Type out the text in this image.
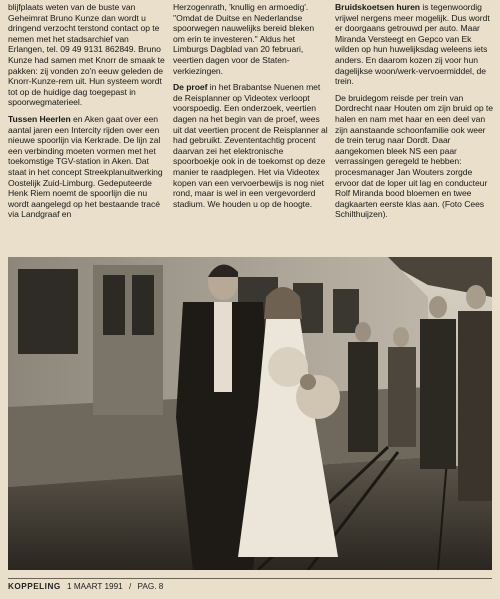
blijfplaats weten van de buste van Geheimrat Bruno Kunze dan wordt u dringend verzocht terstond contact op te nemen met het stadsarchief van Erlangen, tel. 09 49 9131 862849. Bruno Kunze had samen met Knorr de smaak te pakken: zij vonden zo'n eeuw geleden de Knorr-Kunze-rem uit. Hun systeem wordt tot op de huidige dag toegepast in spoorwegmaterieel.

Tussen Heerlen en Aken gaat over een aantal jaren een Intercity rijden over een nieuwe spoorlijn via Kerkrade. De lijn zal een verbinding moeten vormen met het toekomstige TGV-station in Aken. Dat staat in het concept Streekplanuitwerking Oostelijk Zuid-Limburg. Gedeputeerde Henk Riem noemt de spoorlijn die nu wordt aangelegd op het bestaande tracé via Landgraaf en

Herzogenrath, 'knullig en armoedig'. ''Omdat de Duitse en Nederlandse spoorwegen nauwelijks bereid bleken om erin te investeren.'' Aldus het Limburgs Dagblad van 20 februari, veertien dagen voor de Staten-verkiezingen.

De proef in het Brabantse Nuenen met de Reisplanner op Videotex verloopt voorspoedig. Een onderzoek, veertien dagen na het begin van de proef, wees uit dat veertien procent de Reisplanner al had gebruikt. Zevententachtig procent daarvan zei het elektronische spoorboekje ook in de toekomst op deze manier te raadplegen. Het via Videotex kopen van een vervoerbewijs is nog niet rond, maar is wel in een vergevorderd stadium. We houden u op de hoogte.

Bruidskoetsen huren is tegenwoordig vrijwel nergens meer mogelijk. Dus wordt er doorgaans getrouwd per auto. Maar Miranda Versteegt en Gepco van Ek wilden op hun huwelijksdag weleens iets anders. En daarom kozen zij voor hun dagelijkse woon/werk-vervoermiddel, de trein.

De bruidegom reisde per trein van Dordrecht naar Houten om zijn bruid op te halen en nam met haar en een deel van zijn aanstaande schoonfamilie ook weer de trein terug naar Dordt. Daar aangekomen bleek NS een paar verrassingen geregeld te hebben: procesmanager Jan Wouters zorgde ervoor dat de loper uit lag en conducteur Rolf Miranda bood bloemen en twee dagkaarten eerste klas aan. (Foto Cees Schilthuijzen).

KOPPELING 1 MAART 1991 / PAG. 8
